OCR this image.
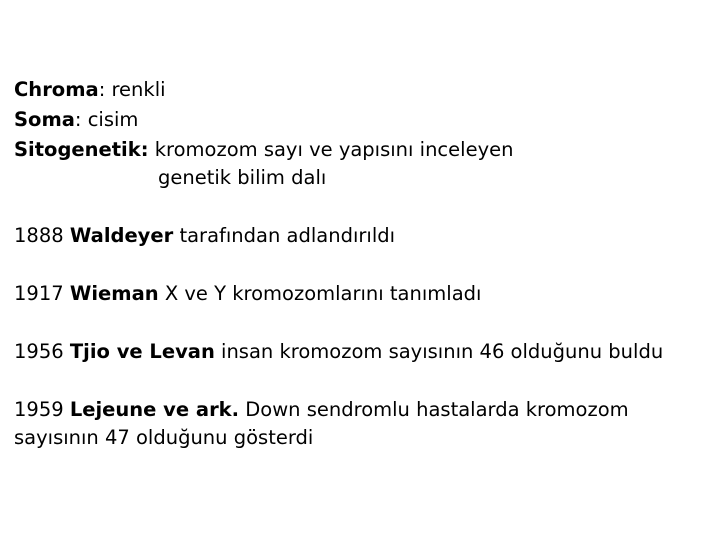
Chroma: renkli
Soma: cisim
Sitogenetik: kromozom sayı ve yapısını inceleyen
genetik bilim dalı
1888 Waldeyer tarafından adlandırıldı
1917 Wieman X ve Y kromozomlarını tanımladı
1956 Tjio ve Levan insan kromozom sayısının 46 olduğunu buldu
1959 Lejeune ve ark. Down sendromlu hastalarda kromozom
sayısının 47 olduğunu gösterdi
